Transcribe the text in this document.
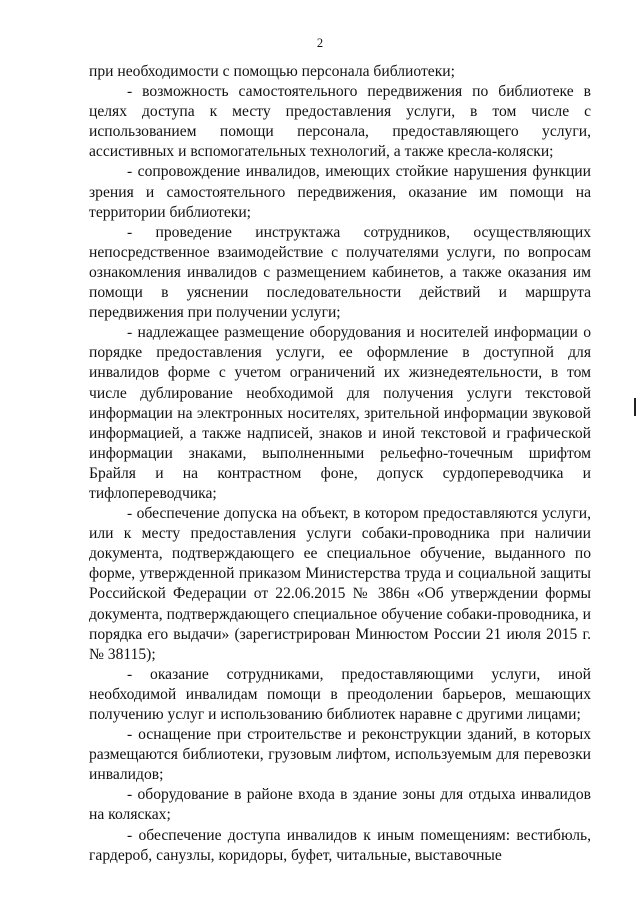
2

при необходимости с помощью персонала библиотеки;

- возможность самостоятельного передвижения по библиотеке в целях доступа к месту предоставления услуги, в том числе с использованием помощи персонала, предоставляющего услуги, ассистивных и вспомогательных технологий, а также кресла-коляски;

- сопровождение инвалидов, имеющих стойкие нарушения функции зрения и самостоятельного передвижения, оказание им помощи на территории библиотеки;

- проведение инструктажа сотрудников, осуществляющих непосредственное взаимодействие с получателями услуги, по вопросам ознакомления инвалидов с размещением кабинетов, а также оказания им помощи в уяснении последовательности действий и маршрута передвижения при получении услуги;

- надлежащее размещение оборудования и носителей информации о порядке предоставления услуги, ее оформление в доступной для инвалидов форме с учетом ограничений их жизнедеятельности, в том числе дублирование необходимой для получения услуги текстовой информации на электронных носителях, зрительной информации звуковой информацией, а также надписей, знаков и иной текстовой и графической информации знаками, выполненными рельефно-точечным шрифтом Брайля и на контрастном фоне, допуск сурдопереводчика и тифлопереводчика;

- обеспечение допуска на объект, в котором предоставляются услуги, или к месту предоставления услуги собаки-проводника при наличии документа, подтверждающего ее специальное обучение, выданного по форме, утвержденной приказом Министерства труда и социальной защиты Российской Федерации от 22.06.2015 № 386н «Об утверждении формы документа, подтверждающего специальное обучение собаки-проводника, и порядка его выдачи» (зарегистрирован Минюстом России 21 июля 2015 г. № 38115);

- оказание сотрудниками, предоставляющими услуги, иной необходимой инвалидам помощи в преодолении барьеров, мешающих получению услуг и использованию библиотек наравне с другими лицами;

- оснащение при строительстве и реконструкции зданий, в которых размещаются библиотеки, грузовым лифтом, используемым для перевозки инвалидов;

- оборудование в районе входа в здание зоны для отдыха инвалидов на колясках;

- обеспечение доступа инвалидов к иным помещениям: вестибюль, гардероб, санузлы, коридоры, буфет, читальные, выставочные
